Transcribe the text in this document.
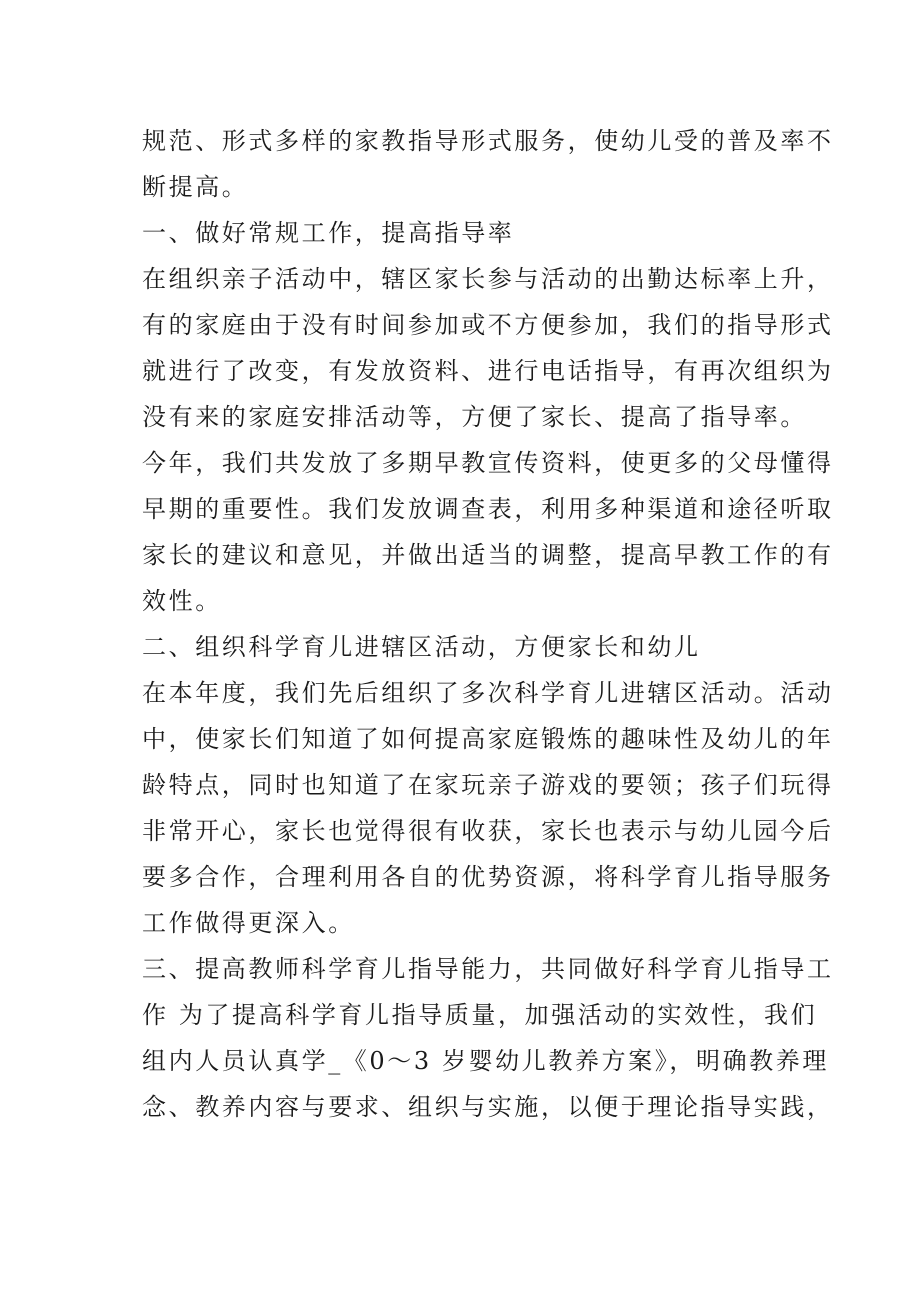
规范、形式多样的家教指导形式服务，使幼儿受的普及率不
断提高。
一、做好常规工作，提高指导率
在组织亲子活动中，辖区家长参与活动的出勤达标率上升，
有的家庭由于没有时间参加或不方便参加，我们的指导形式
就进行了改变，有发放资料、进行电话指导，有再次组织为
没有来的家庭安排活动等，方便了家长、提高了指导率。
今年，我们共发放了多期早教宣传资料，使更多的父母懂得
早期的重要性。我们发放调查表，利用多种渠道和途径听取
家长的建议和意见，并做出适当的调整，提高早教工作的有
效性。
二、组织科学育儿进辖区活动，方便家长和幼儿
在本年度，我们先后组织了多次科学育儿进辖区活动。活动
中，使家长们知道了如何提高家庭锻炼的趣味性及幼儿的年
龄特点，同时也知道了在家玩亲子游戏的要领；孩子们玩得
非常开心，家长也觉得很有收获，家长也表示与幼儿园今后
要多合作，合理利用各自的优势资源，将科学育儿指导服务
工作做得更深入。
三、提高教师科学育儿指导能力，共同做好科学育儿指导工
作 为了提高科学育儿指导质量，加强活动的实效性，我们
组内人员认真学_《0～3 岁婴幼儿教养方案》，明确教养理
念、教养内容与要求、组织与实施，以便于理论指导实践，
